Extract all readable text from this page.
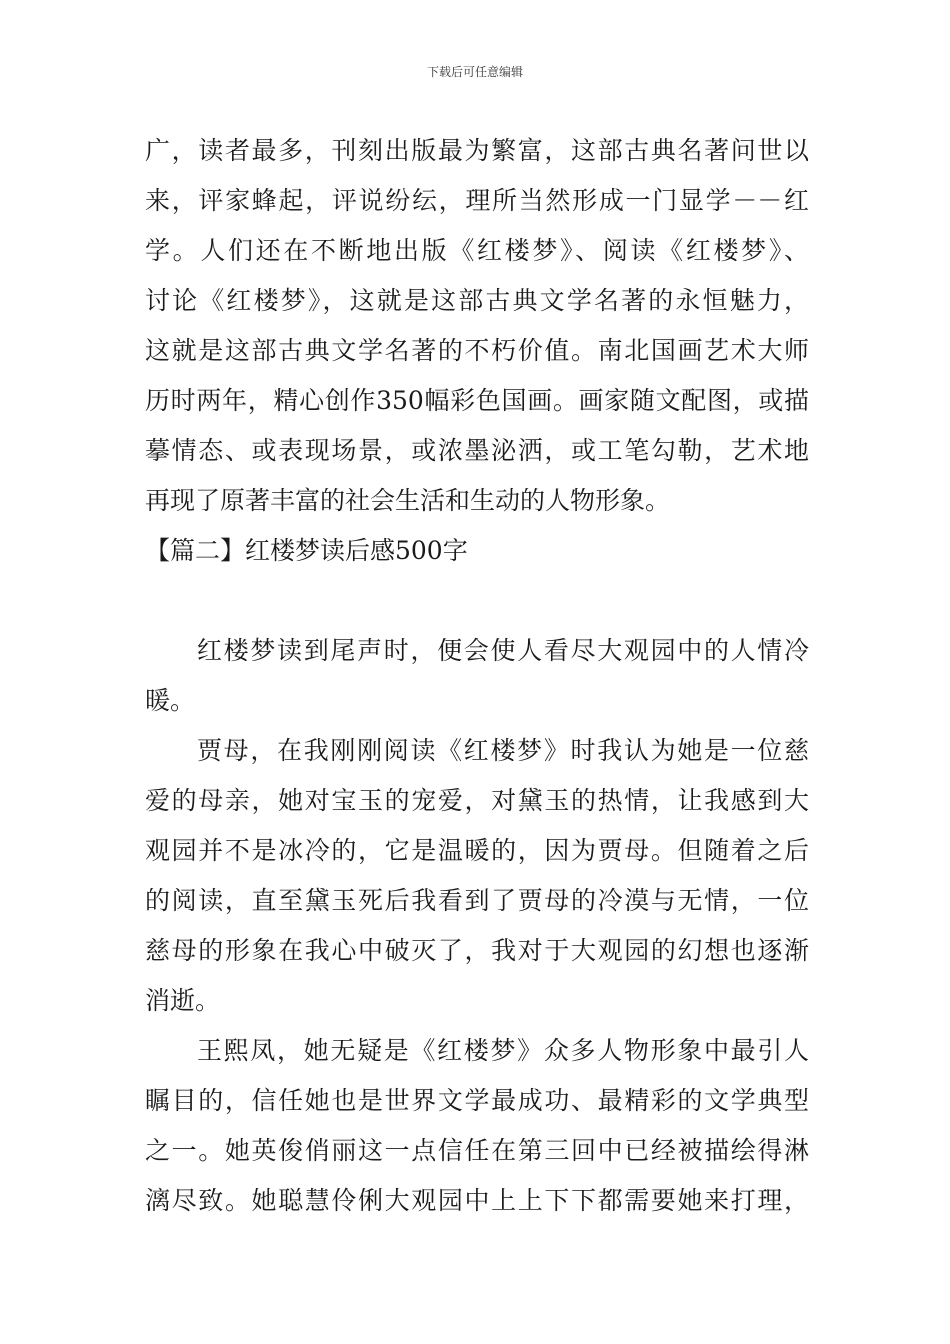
下载后可任意编辑
广，读者最多，刊刻出版最为繁富，这部古典名著问世以
来，评家蜂起，评说纷纭，理所当然形成一门显学－－红
学。人们还在不断地出版《红楼梦》、阅读《红楼梦》、
讨论《红楼梦》，这就是这部古典文学名著的永恒魅力，
这就是这部古典文学名著的不朽价值。南北国画艺术大师
历时两年，精心创作350幅彩色国画。画家随文配图，或描
摹情态、或表现场景，或浓墨泌洒，或工笔勾勒，艺术地
再现了原著丰富的社会生活和生动的人物形象。
【篇二】红楼梦读后感500字
红楼梦读到尾声时，便会使人看尽大观园中的人情冷
暖。
贾母，在我刚刚阅读《红楼梦》时我认为她是一位慈
爱的母亲，她对宝玉的宠爱，对黛玉的热情，让我感到大
观园并不是冰冷的，它是温暖的，因为贾母。但随着之后
的阅读，直至黛玉死后我看到了贾母的冷漠与无情，一位
慈母的形象在我心中破灭了，我对于大观园的幻想也逐渐
消逝。
王熙凤，她无疑是《红楼梦》众多人物形象中最引人
瞩目的，信任她也是世界文学最成功、最精彩的文学典型
之一。她英俊俏丽这一点信任在第三回中已经被描绘得淋
漓尽致。她聪慧伶俐大观园中上上下下都需要她来打理，
